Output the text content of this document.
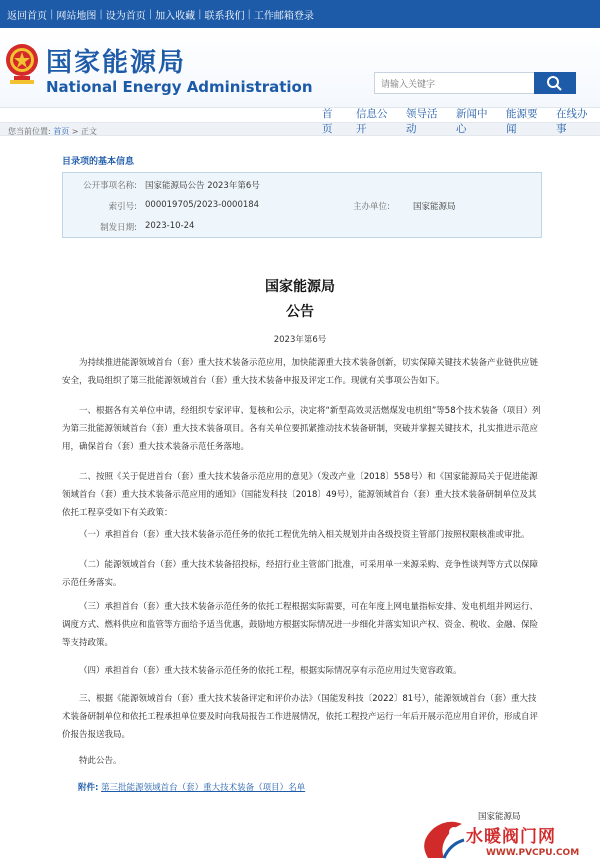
返回首页 | 网站地图 | 设为首页 | 加入收藏 | 联系我们 | 工作邮箱登录
国家能源局
National Energy Administration	请输入关键字
首 页
信息公开
领导活动
新闻中心
能源要闻
在线办事
您当前位置: 首页 > 正文
目录项的基本信息
公开事项名称: 国家能源局公告 2023年第6号
索引号: 000019705/2023-0000184	主办单位:	国家能源局
制发日期: 2023-10-24
国家能源局
公告
2023年第6号

为持续推进能源领域首台（套）重大技术装备示范应用，加快能源重大技术装备创新，切实保障关键技术装备产业链供应链安全，我局组织了第三批能源领域首台（套）重大技术装备申报及评定工作。现就有关事项公告如下。

一、根据各有关单位申请，经组织专家评审、复核和公示，决定将“新型高效灵活燃煤发电机组”等58个技术装备（项目）列为第三批能源领域首台（套）重大技术装备项目。各有关单位要抓紧推动技术装备研制，突破并掌握关键技术，扎实推进示范应用，确保首台（套）重大技术装备示范任务落地。

二、按照《关于促进首台（套）重大技术装备示范应用的意见》（发改产业〔2018〕558号）和《国家能源局关于促进能源领域首台（套）重大技术装备示范应用的通知》（国能发科技〔2018〕49号），能源领域首台（套）重大技术装备研制单位及其依托工程享受如下有关政策：

（一）承担首台（套）重大技术装备示范任务的依托工程优先纳入相关规划并由各级投资主管部门按照权限核准或审批。

（二）能源领域首台（套）重大技术装备招投标，经招行业主管部门批准，可采用单一来源采购、竞争性谈判等方式以保障示范任务落实。

（三）承担首台（套）重大技术装备示范任务的依托工程根据实际需要，可在年度上网电量指标安排、发电机组并网运行、调度方式、燃料供应和监管等方面给予适当优惠，鼓励地方根据实际情况进一步细化并落实知识产权、资金、税收、金融、保险等支持政策。

（四）承担首台（套）重大技术装备示范任务的依托工程，根据实际情况享有示范应用过失宽容政策。

三、根据《能源领域首台（套）重大技术装备评定和评价办法》（国能发科技〔2022〕81号），能源领域首台（套）重大技术装备研制单位和依托工程承担单位要及时向我局报告工作进展情况，依托工程投产运行一年后开展示范应用自评价，形成自评价报告报送我局。

特此公告。

附件: 第三批能源领域首台（套）重大技术装备（项目）名单
国家能源局
水暖阀门网
WWW.PVCPU.COM
